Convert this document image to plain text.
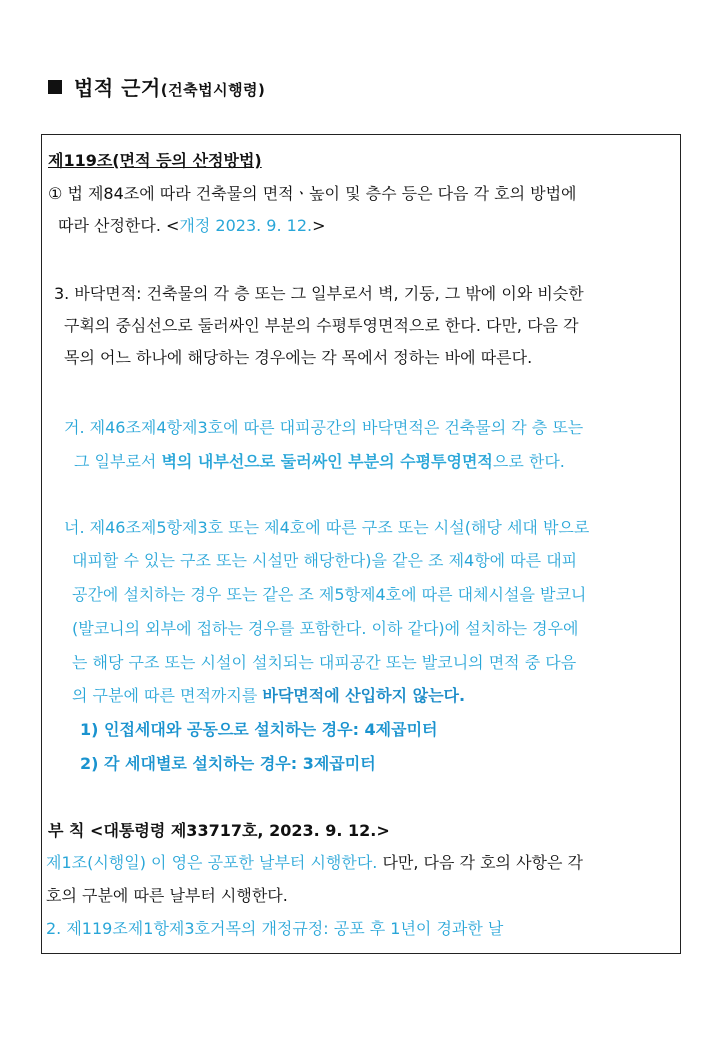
법적 근거(건축법시행령)
제119조(면적 등의 산정방법)
① 법 제84조에 따라 건축물의 면적ㆍ높이 및 층수 등은 다음 각 호의 방법에
따라 산정한다. <개정 2023. 9. 12.>
3. 바닥면적: 건축물의 각 층 또는 그 일부로서 벽, 기둥, 그 밖에 이와 비슷한
구획의 중심선으로 둘러싸인 부분의 수평투영면적으로 한다. 다만, 다음 각
목의 어느 하나에 해당하는 경우에는 각 목에서 정하는 바에 따른다.
거. 제46조제4항제3호에 따른 대피공간의 바닥면적은 건축물의 각 층 또는
그 일부로서 벽의 내부선으로 둘러싸인 부분의 수평투영면적으로 한다.
너. 제46조제5항제3호 또는 제4호에 따른 구조 또는 시설(해당 세대 밖으로
대피할 수 있는 구조 또는 시설만 해당한다)을 같은 조 제4항에 따른 대피
공간에 설치하는 경우 또는 같은 조 제5항제4호에 따른 대체시설을 발코니
(발코니의 외부에 접하는 경우를 포함한다. 이하 같다)에 설치하는 경우에
는 해당 구조 또는 시설이 설치되는 대피공간 또는 발코니의 면적 중 다음
의 구분에 따른 면적까지를 바닥면적에 산입하지 않는다.
1) 인접세대와 공동으로 설치하는 경우: 4제곱미터
2) 각 세대별로 설치하는 경우: 3제곱미터
부 칙 <대통령령 제33717호, 2023. 9. 12.>
제1조(시행일) 이 영은 공포한 날부터 시행한다. 다만, 다음 각 호의 사항은 각
호의 구분에 따른 날부터 시행한다.
2. 제119조제1항제3호거목의 개정규정: 공포 후 1년이 경과한 날
